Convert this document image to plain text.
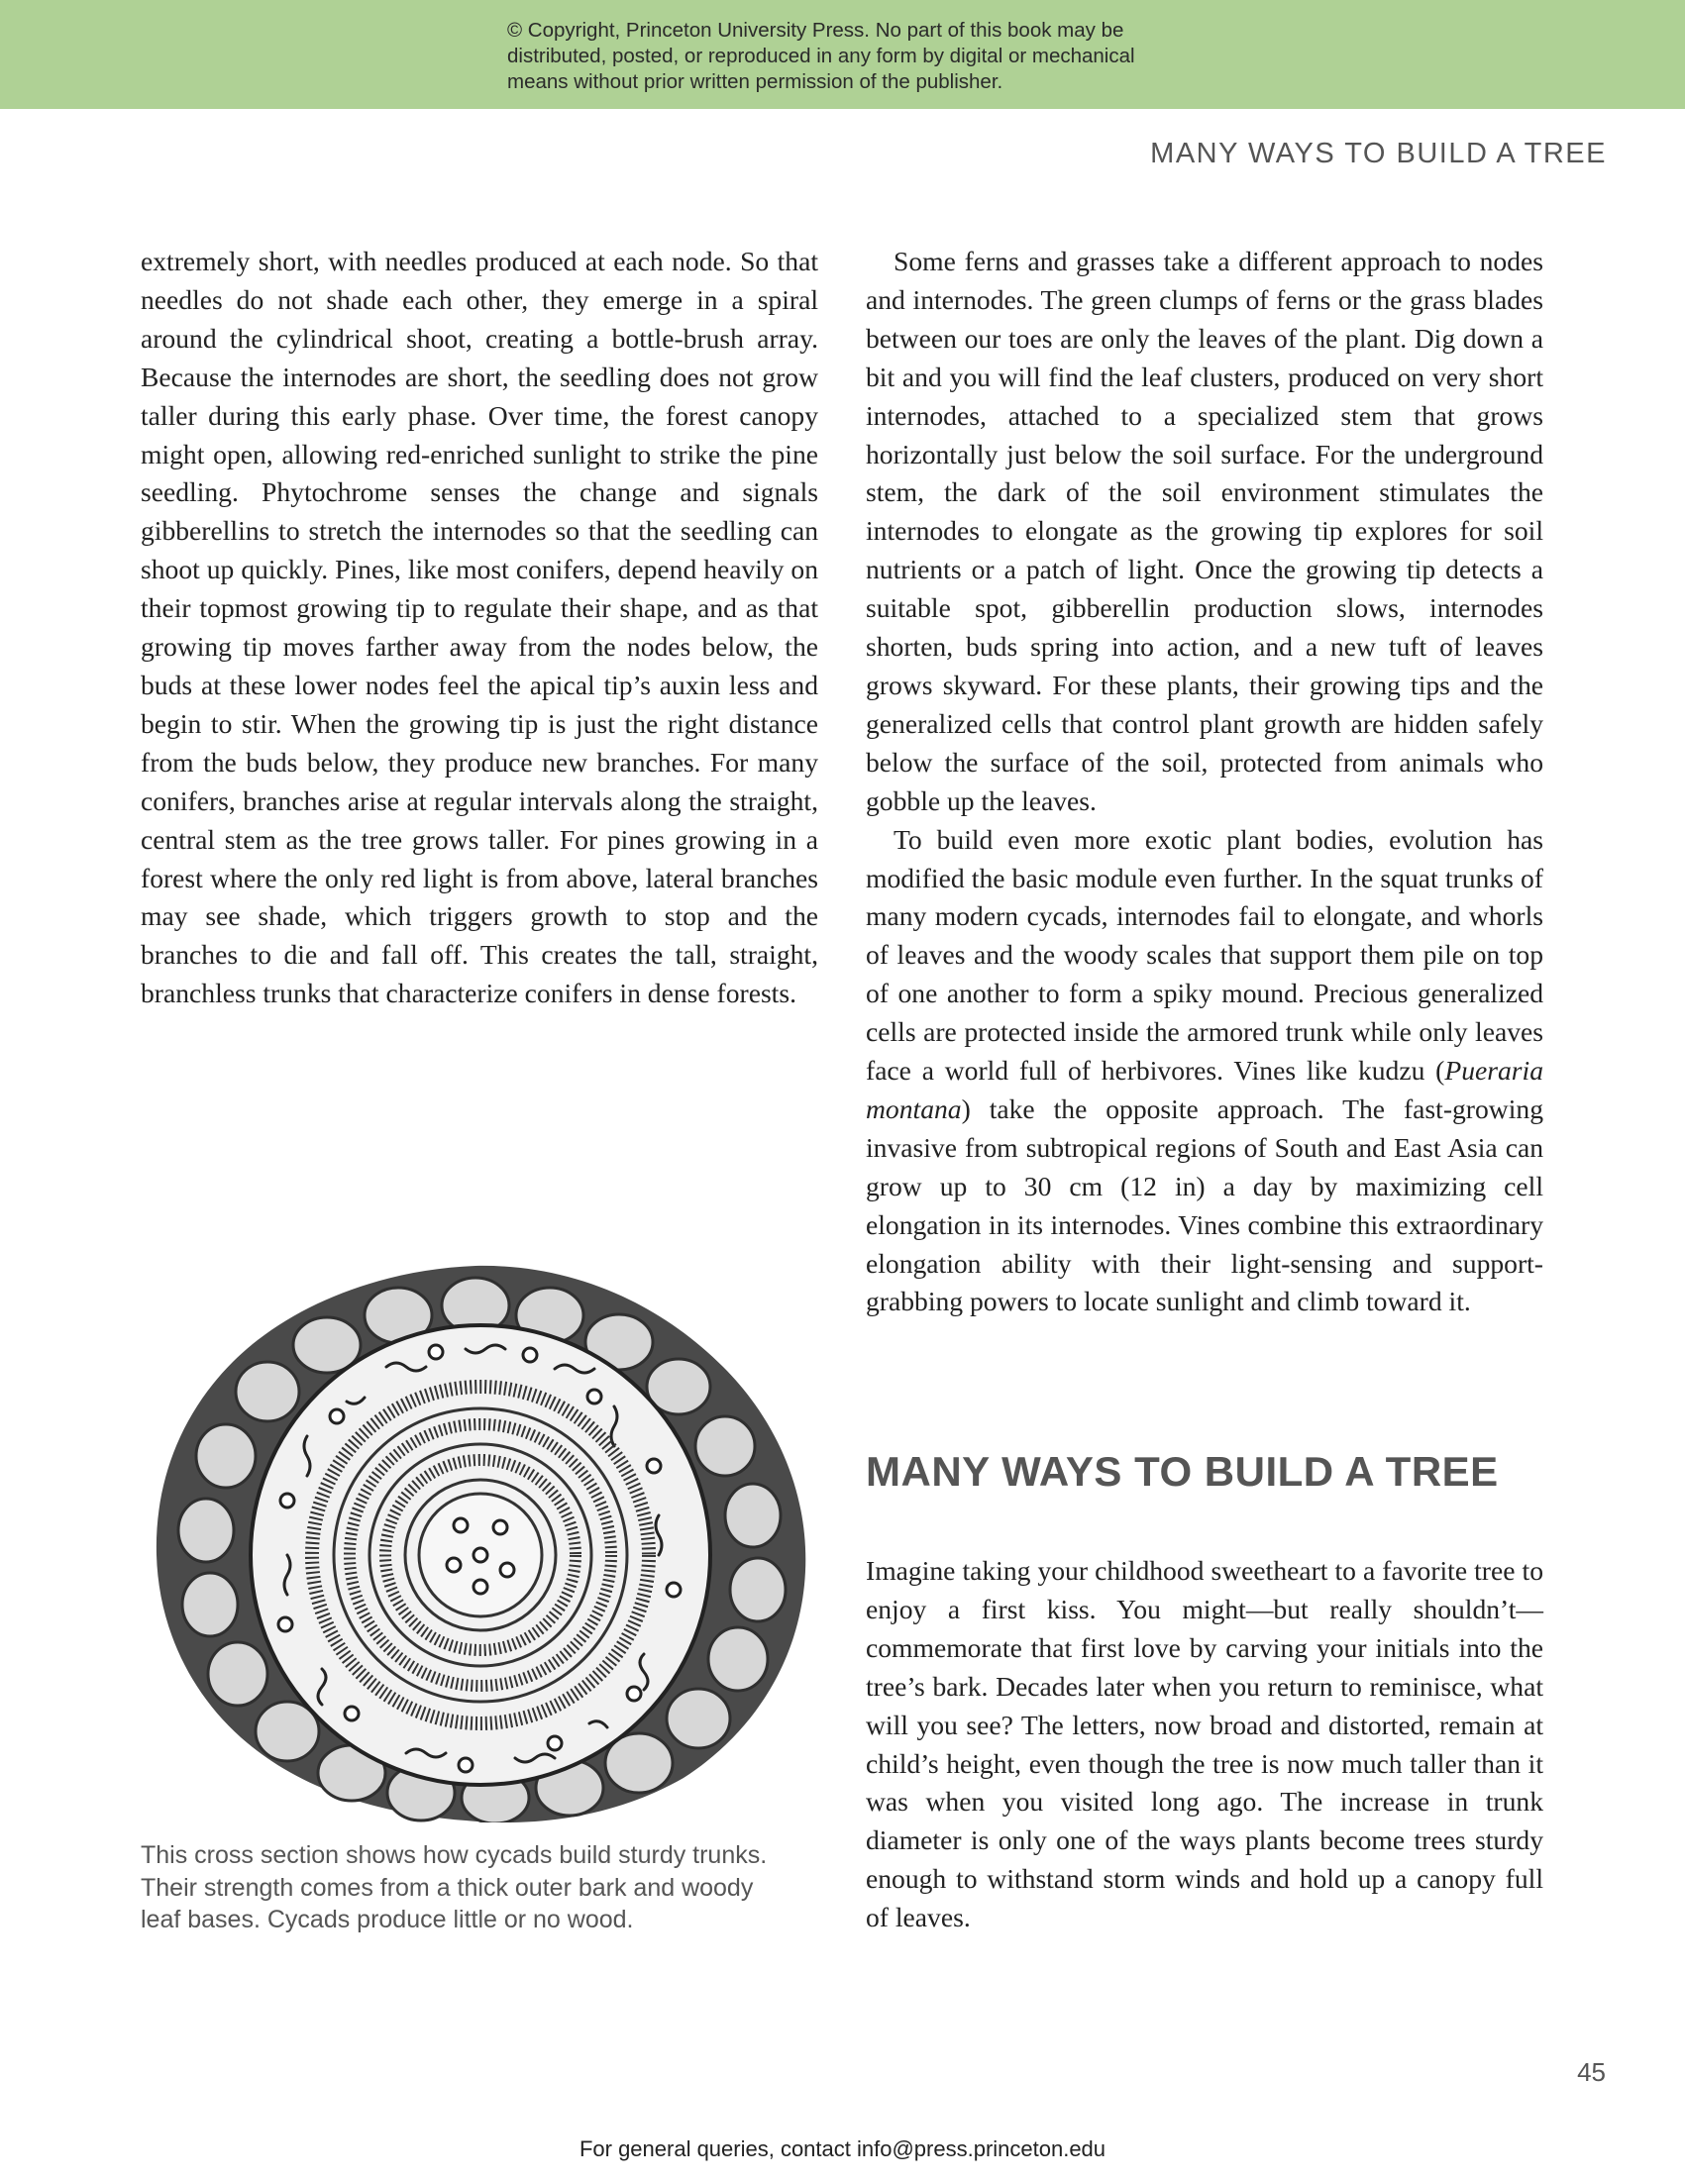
© Copyright, Princeton University Press. No part of this book may be
distributed, posted, or reproduced in any form by digital or mechanical
means without prior written permission of the publisher.
MANY WAYS TO BUILD A TREE

extremely short, with needles produced at each node. So that needles do not shade each other, they emerge in a spiral around the cylindrical shoot, creating a bottle-brush array. Because the internodes are short, the seedling does not grow taller during this early phase. Over time, the forest canopy might open, allowing red-enriched sunlight to strike the pine seedling. Phytochrome senses the change and signals gibberellins to stretch the internodes so that the seedling can shoot up quickly. Pines, like most conifers, depend heavily on their topmost growing tip to regulate their shape, and as that growing tip moves farther away from the nodes below, the buds at these lower nodes feel the apical tip’s auxin less and begin to stir. When the growing tip is just the right distance from the buds below, they produce new branches. For many conifers, branches arise at regular intervals along the straight, central stem as the tree grows taller. For pines growing in a forest where the only red light is from above, lateral branches may see shade, which triggers growth to stop and the branches to die and fall off. This creates the tall, straight, branchless trunks that characterize conifers in dense forests.

Some ferns and grasses take a different approach to nodes and internodes. The green clumps of ferns or the grass blades between our toes are only the leaves of the plant. Dig down a bit and you will find the leaf clusters, produced on very short internodes, attached to a specialized stem that grows horizontally just below the soil surface. For the underground stem, the dark of the soil environment stimulates the internodes to elongate as the growing tip explores for soil nutrients or a patch of light. Once the growing tip detects a suitable spot, gibberellin production slows, internodes shorten, buds spring into action, and a new tuft of leaves grows skyward. For these plants, their growing tips and the generalized cells that control plant growth are hidden safely below the surface of the soil, protected from animals who gobble up the leaves.

To build even more exotic plant bodies, evolution has modified the basic module even further. In the squat trunks of many modern cycads, internodes fail to elongate, and whorls of leaves and the woody scales that support them pile on top of one another to form a spiky mound. Precious generalized cells are protected inside the armored trunk while only leaves face a world full of herbivores. Vines like kudzu (Pueraria montana) take the opposite approach. The fast-growing invasive from subtropical regions of South and East Asia can grow up to 30 cm (12 in) a day by maximizing cell elongation in its internodes. Vines combine this extraordinary elongation ability with their light-sensing and support-grabbing powers to locate sunlight and climb toward it.

MANY WAYS TO BUILD A TREE

Imagine taking your childhood sweetheart to a favorite tree to enjoy a first kiss. You might—but really shouldn’t—commemorate that first love by carving your initials into the tree’s bark. Decades later when you return to reminisce, what will you see? The letters, now broad and distorted, remain at child’s height, even though the tree is now much taller than it was when you visited long ago. The increase in trunk diameter is only one of the ways plants become trees sturdy enough to withstand storm winds and hold up a canopy full of leaves.

This cross section shows how cycads build sturdy trunks. Their strength comes from a thick outer bark and woody leaf bases. Cycads produce little or no wood.
45
For general queries, contact info@press.princeton.edu
